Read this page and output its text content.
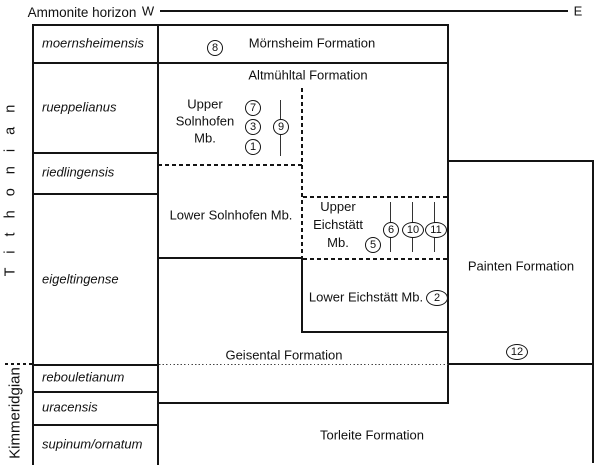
Ammonite horizon W	E
T i t h o n i a n
Kimmeridgian
moernsheimensis
rueppelianus
riedlingensis
eigeltingense
rebouletianum
uracensis
supinum/ornatum
Mörnsheim Formation
Altmühltal Formation
Upper
Solnhofen
Mb.
Lower Solnhofen Mb.
Upper
Eichstätt
Mb.
Lower Eichstätt Mb.
Painten Formation
Geisental Formation
Torleite Formation
8
7
3
1
9
5
6	10	11
2
12
